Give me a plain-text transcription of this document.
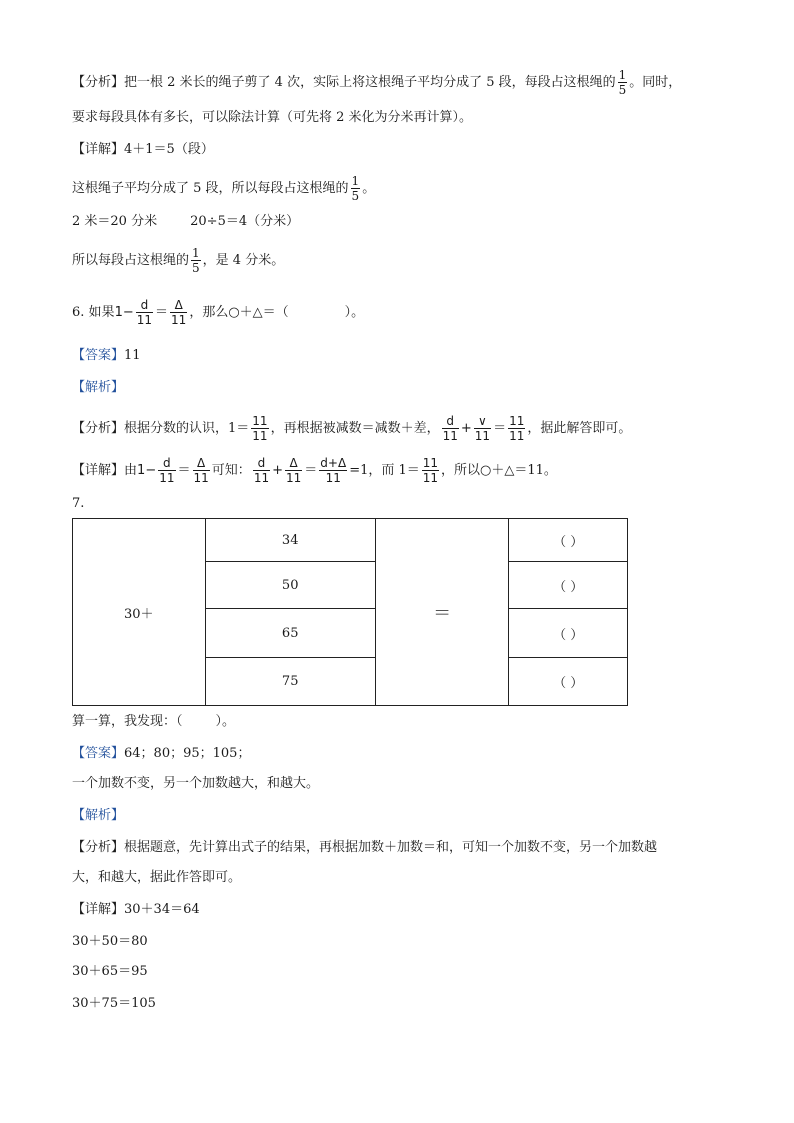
【分析】把一根 2 米长的绳子剪了 4 次，实际上将这根绳子平均分成了 5 段，每段占这根绳的 $\frac{1}{5}$ 。同时，
要求每段具体有多长，可以除法计算（可先将 2 米化为分米再计算）。
【详解】4＋1＝5（段）
这根绳子平均分成了 5 段，所以每段占这根绳的 $\frac{1}{5}$ 。
2 米＝20 分米        20÷5＝4（分米）
所以每段占这根绳的 $\frac{1}{5}$ ，是 4 分米。
6. 如果$1- \frac{d}{11} = \frac{\Delta}{11}$ ，那么○＋△＝（	）。
【答案】11
【解析】
【分析】根据分数的认识，$1= \frac{11}{11}$ ，再根据被减数＝减数＋差， $\frac{d}{11} + \frac{\vee}{11} = \frac{11}{11}$ ，据此解答即可。
【详解】由$1- \frac{d}{11} = \frac{\Delta}{11}$ 可知： $\frac{d}{11} + \frac{\Delta}{11} = \frac{d+\Delta}{11} =1$，而 $1= \frac{11}{11}$ ，所以○＋△＝11。
7.
30＋	34	＝	（ ）
	50		（ ）
	65		（ ）
	75		（ ）
算一算，我发现：（        ）。
【答案】64；80；95；105；
一个加数不变，另一个加数越大，和越大。
【解析】
【分析】根据题意，先计算出式子的结果，再根据加数＋加数＝和，可知一个加数不变，另一个加数越
大，和越大，据此作答即可。
【详解】30＋34＝64
30＋50＝80
30＋65＝95
30＋75＝105
